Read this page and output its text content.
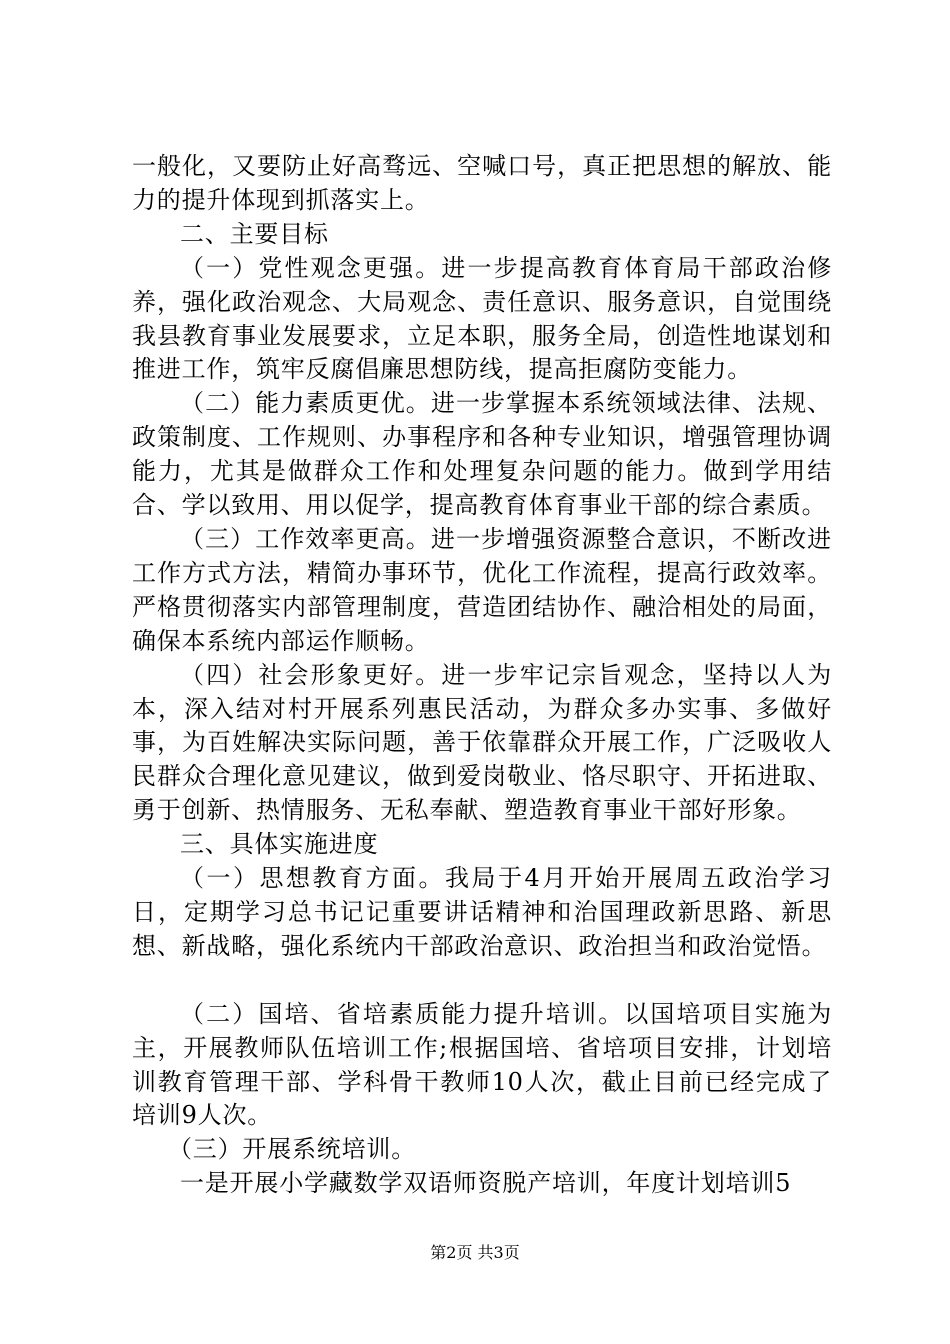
一般化，又要防止好高骛远、空喊口号，真正把思想的解放、能力的提升体现到抓落实上。

二、主要目标

（一）党性观念更强。进一步提高教育体育局干部政治修养，强化政治观念、大局观念、责任意识、服务意识，自觉围绕我县教育事业发展要求，立足本职，服务全局，创造性地谋划和推进工作，筑牢反腐倡廉思想防线，提高拒腐防变能力。

（二）能力素质更优。进一步掌握本系统领域法律、法规、政策制度、工作规则、办事程序和各种专业知识，增强管理协调能力，尤其是做群众工作和处理复杂问题的能力。做到学用结合、学以致用、用以促学，提高教育体育事业干部的综合素质。

（三）工作效率更高。进一步增强资源整合意识，不断改进工作方式方法，精简办事环节，优化工作流程，提高行政效率。严格贯彻落实内部管理制度，营造团结协作、融洽相处的局面，确保本系统内部运作顺畅。

（四）社会形象更好。进一步牢记宗旨观念，坚持以人为本，深入结对村开展系列惠民活动，为群众多办实事、多做好事，为百姓解决实际问题，善于依靠群众开展工作，广泛吸收人民群众合理化意见建议，做到爱岗敬业、恪尽职守、开拓进取、勇于创新、热情服务、无私奉献、塑造教育事业干部好形象。

三、具体实施进度

（一）思想教育方面。我局于4月开始开展周五政治学习日，定期学习总书记记重要讲话精神和治国理政新思路、新思想、新战略，强化系统内干部政治意识、政治担当和政治觉悟。

（二）国培、省培素质能力提升培训。以国培项目实施为主，开展教师队伍培训工作;根据国培、省培项目安排，计划培训教育管理干部、学科骨干教师10人次，截止目前已经完成了培训9人次。

（三）开展系统培训。

一是开展小学藏数学双语师资脱产培训，年度计划培训5

第2页 共3页
